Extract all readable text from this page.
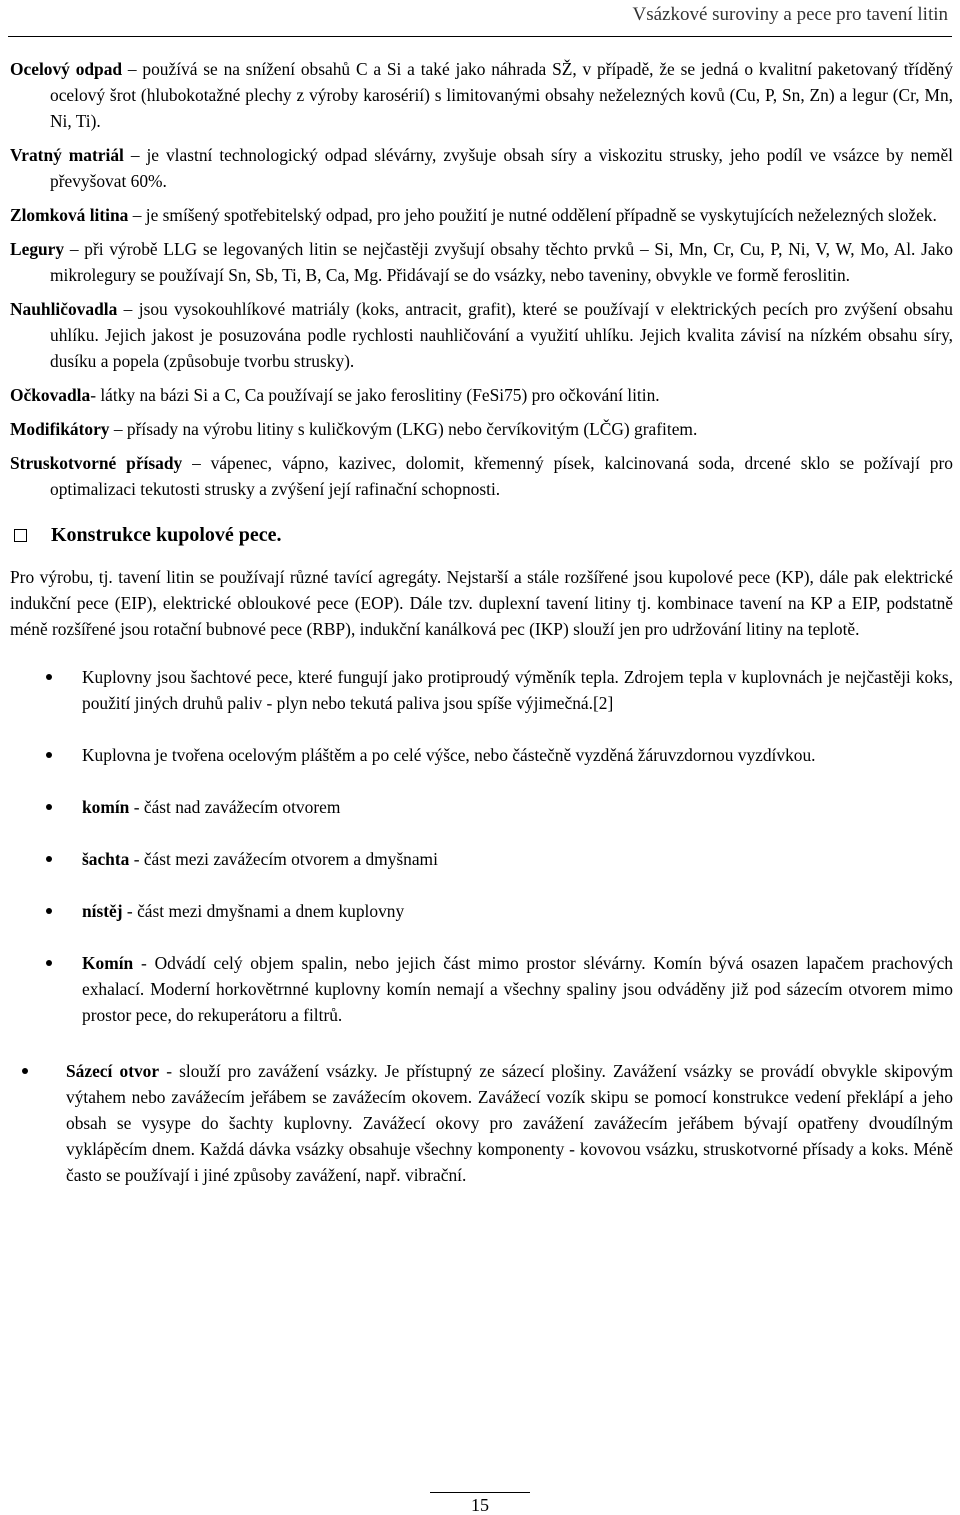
Vsázkové suroviny a pece pro tavení litin
Ocelový odpad – používá se na snížení obsahů C a Si a také jako náhrada SŽ, v případě, že se jedná o kvalitní paketovaný tříděný ocelový šrot (hlubokotažné plechy z výroby karosérií) s limitovanými obsahy neželezných kovů (Cu, P, Sn, Zn) a legur (Cr, Mn, Ni, Ti).
Vratný matriál – je vlastní technologický odpad slévárny, zvyšuje obsah síry a viskozitu strusky, jeho podíl ve vsázce by neměl převyšovat 60%.
Zlomková litina – je smíšený spotřebitelský odpad, pro jeho použití je nutné oddělení případně se vyskytujících neželezných složek.
Legury – při výrobě LLG se legovaných litin se nejčastěji zvyšují obsahy těchto prvků – Si, Mn, Cr, Cu, P, Ni, V, W, Mo, Al. Jako mikrolegury se používají Sn, Sb, Ti, B, Ca, Mg. Přidávají se do vsázky, nebo taveniny, obvykle ve formě feroslitin.
Nauhličovadla – jsou vysokouhlíkové matriály (koks, antracit, grafit), které se používají v elektrických pecích pro zvýšení obsahu uhlíku. Jejich jakost je posuzována podle rychlosti nauhličování a využití uhlíku. Jejich kvalita závisí na nízkém obsahu síry, dusíku a popela (způsobuje tvorbu strusky).
Očkovadla- látky na bázi Si a C, Ca používají se jako feroslitiny (FeSi75) pro očkování litin.
Modifikátory – přísady na výrobu litiny s kuličkovým (LKG) nebo červíkovitým (LČG) grafitem.
Struskotvorné přísady – vápenec, vápno, kazivec, dolomit, křemenný písek, kalcinovaná soda, drcené sklo se požívají pro optimalizaci tekutosti strusky a zvýšení její rafinační schopnosti.
Konstrukce kupolové pece.
Pro výrobu, tj. tavení litin se používají různé tavící agregáty. Nejstarší a stále rozšířené jsou kupolové pece (KP), dále pak elektrické indukční pece (EIP), elektrické obloukové pece (EOP). Dále tzv. duplexní tavení litiny tj. kombinace tavení na KP a EIP, podstatně méně rozšířené jsou rotační bubnové pece (RBP), indukční kanálková pec (IKP) slouží jen pro udržování litiny na teplotě.
Kuplovny jsou šachtové pece, které fungují jako protiproudý výměník tepla. Zdrojem tepla v kuplovnách je nejčastěji koks, použití jiných druhů paliv - plyn nebo tekutá paliva jsou spíše výjimečná.[2]
Kuplovna je tvořena ocelovým pláštěm a po celé výšce, nebo částečně vyzděná žáruvzdornou vyzdívkou.
komín - část nad zavážecím otvorem
šachta - část mezi zavážecím otvorem a dmyšnami
nístěj - část mezi dmyšnami a dnem kuplovny
Komín - Odvádí celý objem spalin, nebo jejich část mimo prostor slévárny. Komín bývá osazen lapačem prachových exhalací. Moderní horkovětrnné kuplovny komín nemají a všechny spaliny jsou odváděny již pod sázecím otvorem mimo prostor pece, do rekuperátoru a filtrů.
Sázecí otvor - slouží pro zavážení vsázky. Je přístupný ze sázecí plošiny. Zavážení vsázky se provádí obvykle skipovým výtahem nebo zavážecím jeřábem se zavážecím okovem. Zavážecí vozík skipu se pomocí konstrukce vedení překlápí a jeho obsah se vysype do šachty kuplovny. Zavážecí okovy pro zavážení zavážecím jeřábem bývají opatřeny dvoudílným vyklápěcím dnem. Každá dávka vsázky obsahuje všechny komponenty - kovovou vsázku, struskotvorné přísady a koks. Méně často se používají i jiné způsoby zavážení, např. vibrační.
15
